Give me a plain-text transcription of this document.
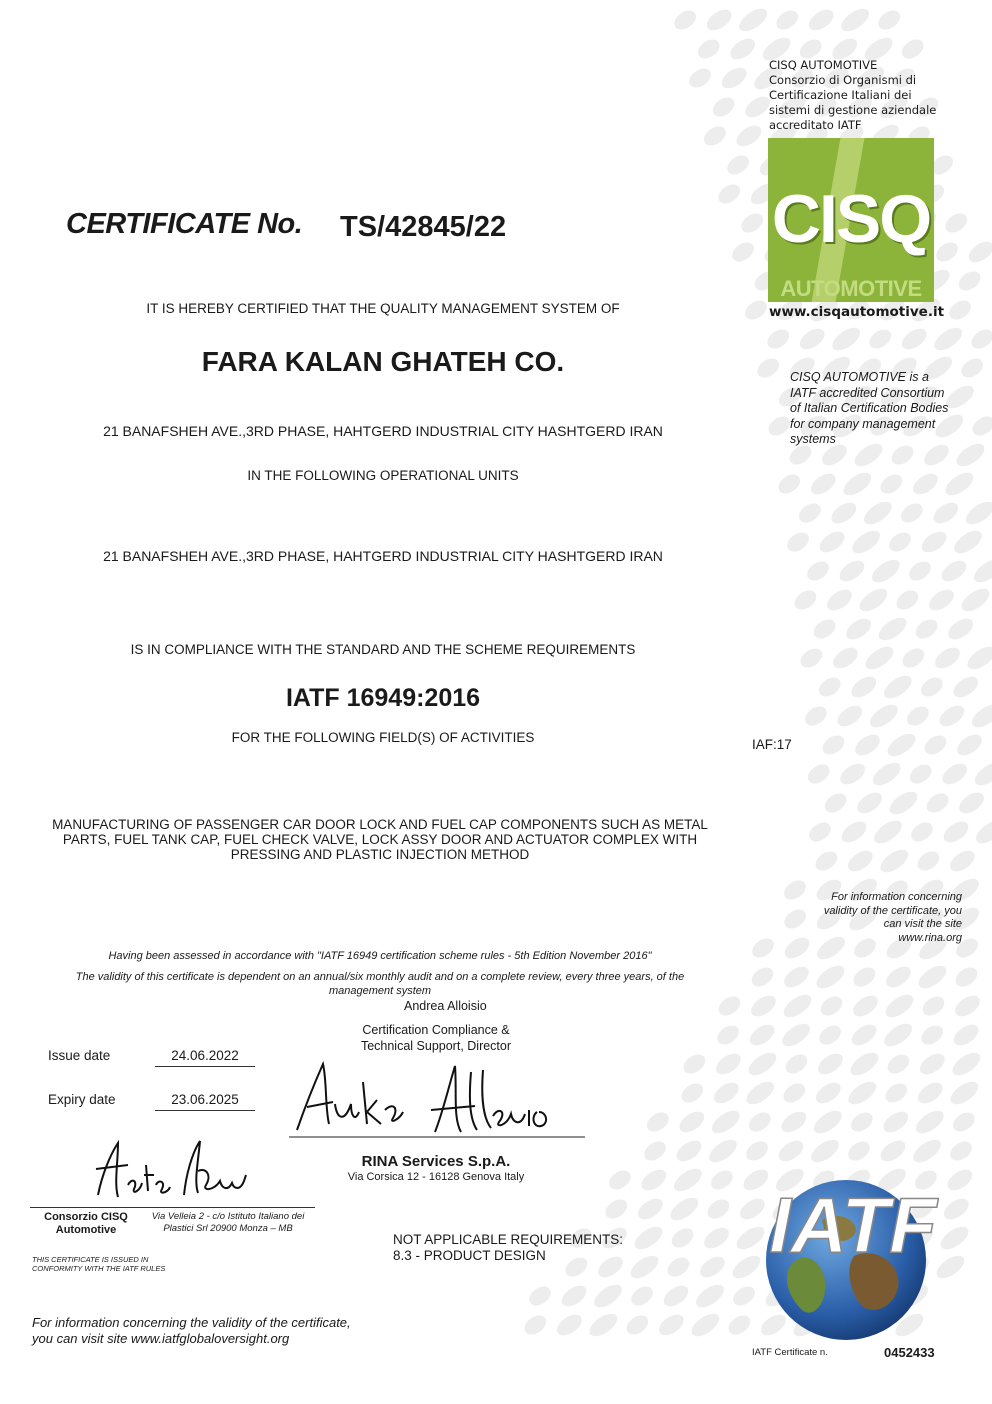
CERTIFICATE No. TS/42845/22
IT IS HEREBY CERTIFIED THAT THE QUALITY MANAGEMENT SYSTEM OF
FARA KALAN GHATEH CO.
21 BANAFSHEH AVE.,3RD PHASE, HAHTGERD INDUSTRIAL CITY HASHTGERD IRAN
IN THE FOLLOWING OPERATIONAL UNITS
21 BANAFSHEH AVE.,3RD PHASE, HAHTGERD INDUSTRIAL CITY HASHTGERD IRAN
IS IN COMPLIANCE WITH THE STANDARD AND THE SCHEME REQUIREMENTS
IATF 16949:2016
FOR THE FOLLOWING FIELD(S) OF ACTIVITIES	IAF:17
MANUFACTURING OF PASSENGER CAR DOOR LOCK AND FUEL CAP COMPONENTS SUCH AS METAL
PARTS, FUEL TANK CAP, FUEL CHECK VALVE, LOCK ASSY DOOR AND ACTUATOR COMPLEX WITH
PRESSING AND PLASTIC INJECTION METHOD
Having been assessed in accordance with "IATF 16949 certification scheme rules - 5th Edition November 2016"
The validity of this certificate is dependent on an annual/six monthly audit and on a complete review, every three years, of the
management system
CISQ AUTOMOTIVE
Consorzio di Organismi di
Certificazione Italiani dei
sistemi di gestione aziendale
accreditato IATF
CISQ
AUTOMOTIVE
www.cisqautomotive.it
CISQ AUTOMOTIVE is a
IATF accredited Consortium
of Italian Certification Bodies
for company management
systems
For information concerning
validity of the certificate, you
can visit the site
www.rina.org
Issue date	24.06.2022
Expiry date	23.06.2025
Andrea Alloisio
Certification Compliance &
Technical Support, Director
RINA Services S.p.A.
Via Corsica 12 - 16128 Genova Italy
Consorzio CISQ
Automotive
Via Velleia 2 - c/o Istituto Italiano dei
Plastici Srl 20900 Monza – MB
THIS CERTIFICATE IS ISSUED IN
CONFORMITY WITH THE IATF RULES
NOT APPLICABLE REQUIREMENTS:
8.3 - PRODUCT DESIGN	IATF
For information concerning the validity of the certificate,
you can visit site www.iatfglobaloversight.org
IATF Certificate n.	0452433
